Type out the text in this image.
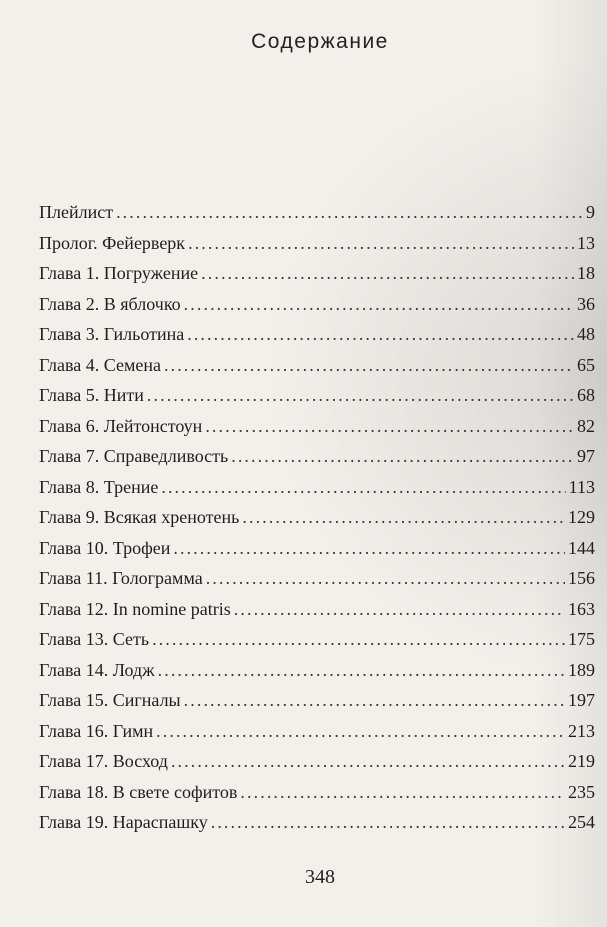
Содержание
Плейлист . . .	9
Пролог. Фейерверк . . .	13
Глава 1. Погружение . . .	18
Глава 2. В яблочко . . .	36
Глава 3. Гильотина . . .	48
Глава 4. Семена . . .	65
Глава 5. Нити . . .	68
Глава 6. Лейтонстоун . . .	82
Глава 7. Справедливость . . .	97
Глава 8. Трение . . .	113
Глава 9. Всякая хренотень . . .	129
Глава 10. Трофеи . . .	144
Глава 11. Голограмма . . .	156
Глава 12. In nomine patris . . .	163
Глава 13. Сеть . . .	175
Глава 14. Лодж . . .	189
Глава 15. Сигналы . . .	197
Глава 16. Гимн . . .	213
Глава 17. Восход . . .	219
Глава 18. В свете софитов . . .	235
Глава 19. Нараспашку . . .	254
348
